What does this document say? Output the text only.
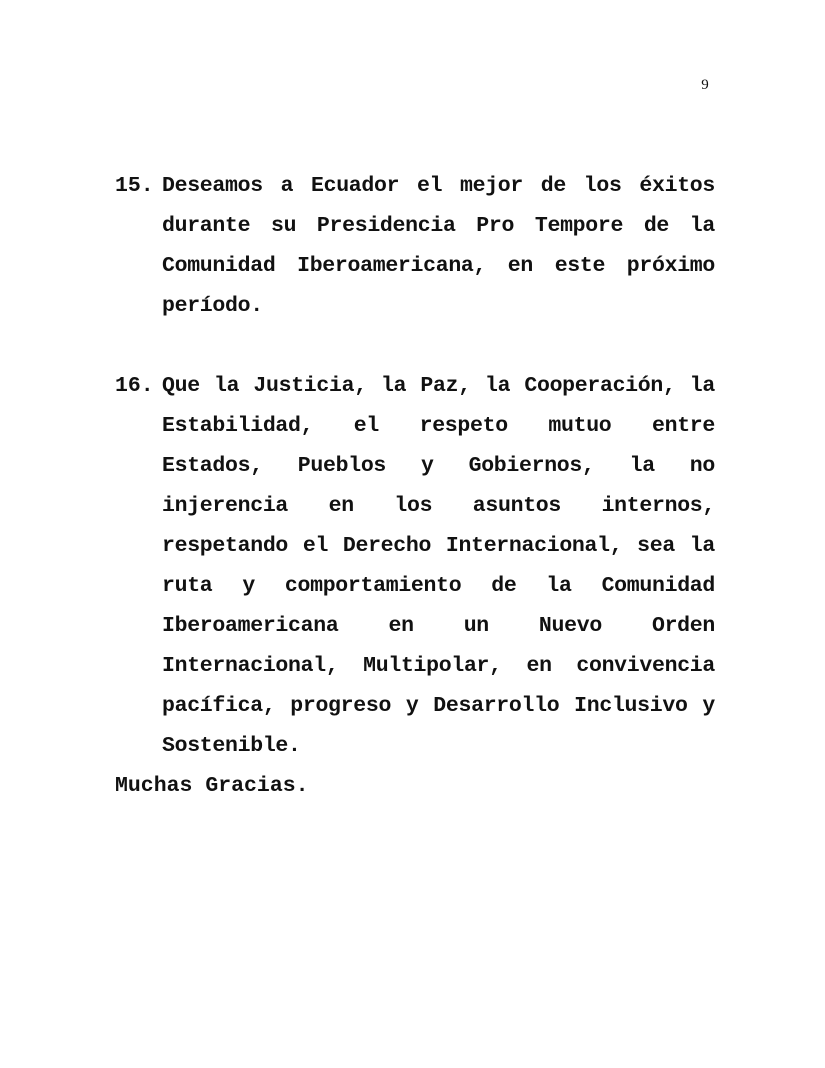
9
15. Deseamos a Ecuador el mejor de los éxitos durante su Presidencia Pro Tempore de la Comunidad Iberoamericana, en este próximo período.
16. Que la Justicia, la Paz, la Cooperación, la Estabilidad, el respeto mutuo entre Estados, Pueblos y Gobiernos, la no injerencia en los asuntos internos, respetando el Derecho Internacional, sea la ruta y comportamiento de la Comunidad Iberoamericana en un Nuevo Orden Internacional, Multipolar, en convivencia pacífica, progreso y Desarrollo Inclusivo y Sostenible.
Muchas Gracias.
